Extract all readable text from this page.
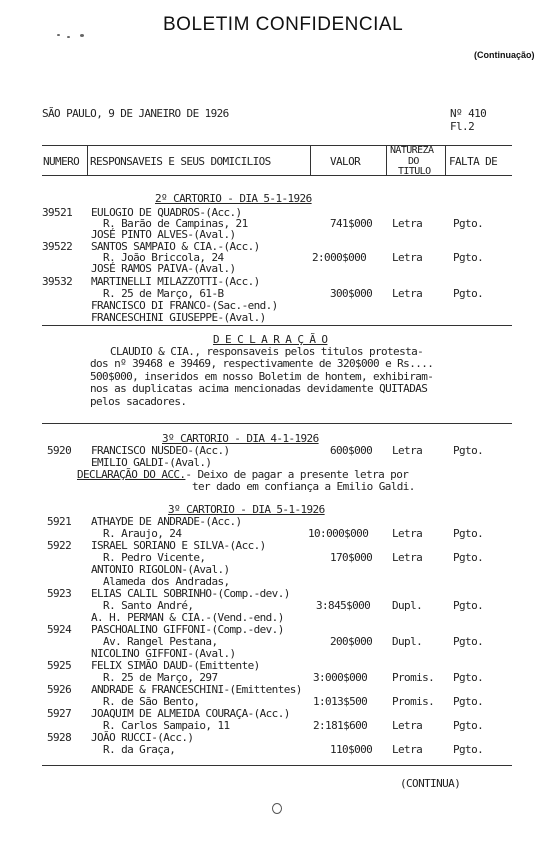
BOLETIM CONFIDENCIAL
(Continuação)
SÃO PAULO, 9 DE JANEIRO DE 1926	Nº 410
Fl.2
NUMERO RESPONSAVEIS E SEUS DOMICILIOS	VALOR
NATUREZA
DO
TITULO
FALTA DE
2º CARTORIO - DIA 5-1-1926
39521 EULOGIO DE QUADROS-(Acc.)
R. Barão de Campinas, 21
JOSÉ PINTO ALVES-(Aval.)
741$000 Letra	Pgto.
39522 SANTOS SAMPAIO & CIA.-(Acc.)
R. João Briccola, 24
JOSÉ RAMOS PAIVA-(Aval.)
2:000$000 Letra	Pgto.
39532 MARTINELLI MILAZZOTTI-(Acc.)
R. 25 de Março, 61-B
FRANCISCO DI FRANCO-(Sac.-end.)
FRANCESCHINI GIUSEPPE-(Aval.)
300$000 Letra	Pgto.
D E C L A R A Ç Ã O
CLAUDIO & CIA., responsaveis pelos titulos protesta-
dos nº 39468 e 39469, respectivamente de 320$000 e Rs....
500$000, inseridos em nosso Boletim de hontem, exhibiram-
nos as duplicatas acima mencionadas devidamente QUITADAS
pelos sacadores.
3º CARTORIO - DIA 4-1-1926
5920 FRANCISCO NUSDEO-(Acc.)
EMILIO GALDI-(Aval.)
600$000 Letra	Pgto.
DECLARAÇÃO DO ACC.- Deixo de pagar a presente letra por
ter dado em confiança a Emilio Galdi.
3º CARTORIO - DIA 5-1-1926
5921 ATHAYDE DE ANDRADE-(Acc.)
R. Araujo, 24	10:000$000 Letra	Pgto.
5922 ISRAEL SORIANO E SILVA-(Acc.)
R. Pedro Vicente,
ANTONIO RIGOLON-(Aval.)
Alameda dos Andradas,
170$000 Letra	Pgto.
5923 ELIAS CALIL SOBRINHO-(Comp.-dev.)
R. Santo André,
A. H. PERMAN & CIA.-(Vend.-end.)
3:845$000 Dupl.	Pgto.
5924 PASCHOALINO GIFFONI-(Comp.-dev.)
Av. Rangel Pestana,
NICOLINO GIFFONI-(Aval.)
200$000 Dupl.	Pgto.
5925 FELIX SIMÃO DAUD-(Emittente)
R. 25 de Março, 297	3:000$000 Promis. Pgto.
5926 ANDRADE & FRANCESCHINI-(Emittentes)
R. de São Bento,	1:013$500 Promis. Pgto.
5927 JOAQUIM DE ALMEIDA COURAÇA-(Acc.)
R. Carlos Sampaio, 11	2:181$600 Letra	Pgto.
5928 JOÃO RUCCI-(Acc.)
R. da Graça,	110$000 Letra	Pgto.
(CONTINUA)
